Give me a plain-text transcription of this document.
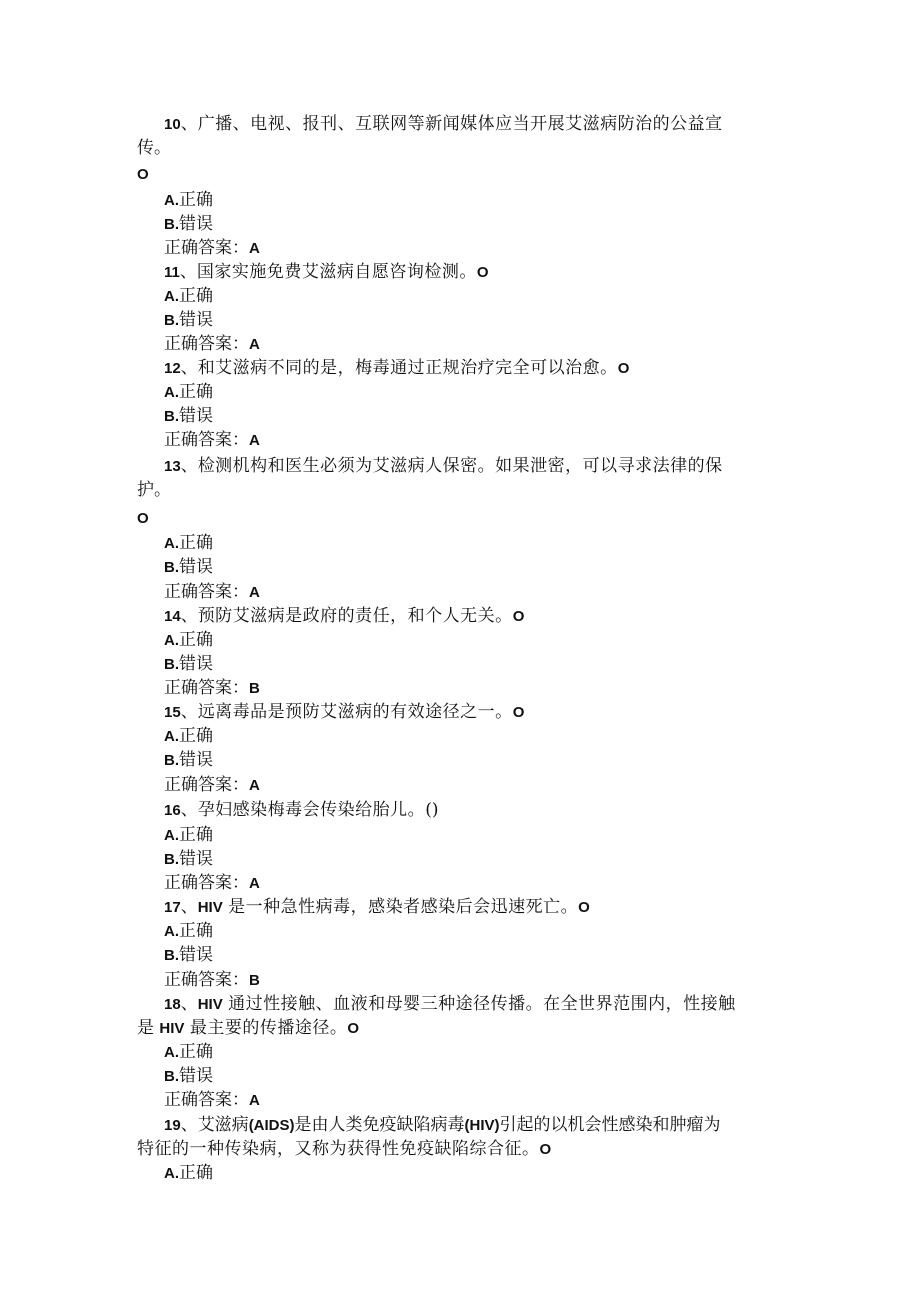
10、广播、电视、报刊、互联网等新闻媒体应当开展艾滋病防治的公益宣
传。
O
A.正确
B.错误
正确答案：A
11、国家实施免费艾滋病自愿咨询检测。O
A.正确
B.错误
正确答案：A
12、和艾滋病不同的是，梅毒通过正规治疗完全可以治愈。O
A.正确
B.错误
正确答案：A
13、检测机构和医生必须为艾滋病人保密。如果泄密，可以寻求法律的保
护。
O
A.正确
B.错误
正确答案：A
14、预防艾滋病是政府的责任，和个人无关。O
A.正确
B.错误
正确答案：B
15、远离毒品是预防艾滋病的有效途径之一。O
A.正确
B.错误
正确答案：A
16、孕妇感染梅毒会传染给胎儿。()
A.正确
B.错误
正确答案：A
17、HIV 是一种急性病毒，感染者感染后会迅速死亡。O
A.正确
B.错误
正确答案：B
18、HIV 通过性接触、血液和母婴三种途径传播。在全世界范围内，性接触
是 HIV 最主要的传播途径。O
A.正确
B.错误
正确答案：A
19、艾滋病(AIDS)是由人类免疫缺陷病毒(HIV)引起的以机会性感染和肿瘤为
特征的一种传染病，又称为获得性免疫缺陷综合征。O
A.正确
